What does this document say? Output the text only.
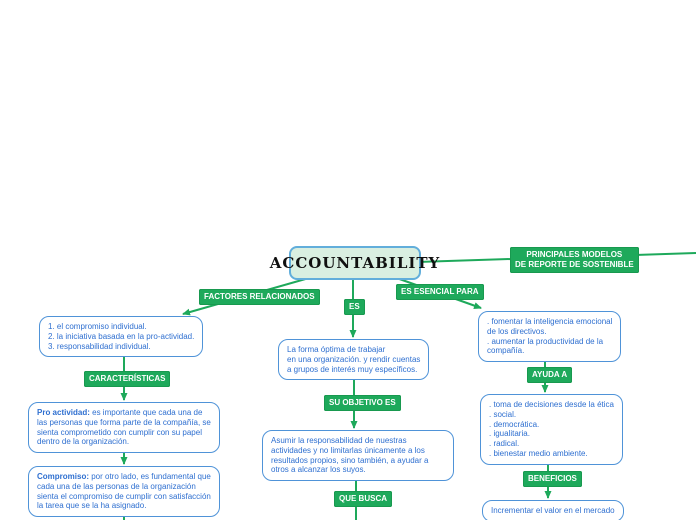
ACCOUNTABILITY	PRINCIPALES MODELOS
DE REPORTE DE SOSTENIBLE
FACTORES RELACIONADOS
ES
ES ESENCIAL PARA
CARACTERÍSTICAS
SU OBJETIVO ES
QUE BUSCA
AYUDA A
BENEFICIOS
1. el compromiso individual.
2. la iniciativa basada en la pro-actividad.
3. responsabilidad individual.	La forma óptima de trabajar
en una organización. y rendir cuentas
a grupos de interés muy específicos.
. fomentar la inteligencia emocional
de los directivos.
. aumentar la productividad de la
compañía.
Pro actividad: es importante que cada una de las personas que forma parte de la compañía, se sienta comprometido con cumplir con su papel dentro de la organización.
Compromiso: por otro lado, es fundamental que cada una de las personas de la organización sienta el compromiso de cumplir con satisfacción la tarea que se la ha asignado.
Asumir la responsabilidad de nuestras actividades y no limitarlas únicamente a los resultados propios, sino también, a ayudar a otros a alcanzar los suyos.
. toma de decisiones desde la ética
. social.
. democrática.
. igualitaria.
. radical.
. bienestar medio ambiente.
Incrementar el valor en el mercado
